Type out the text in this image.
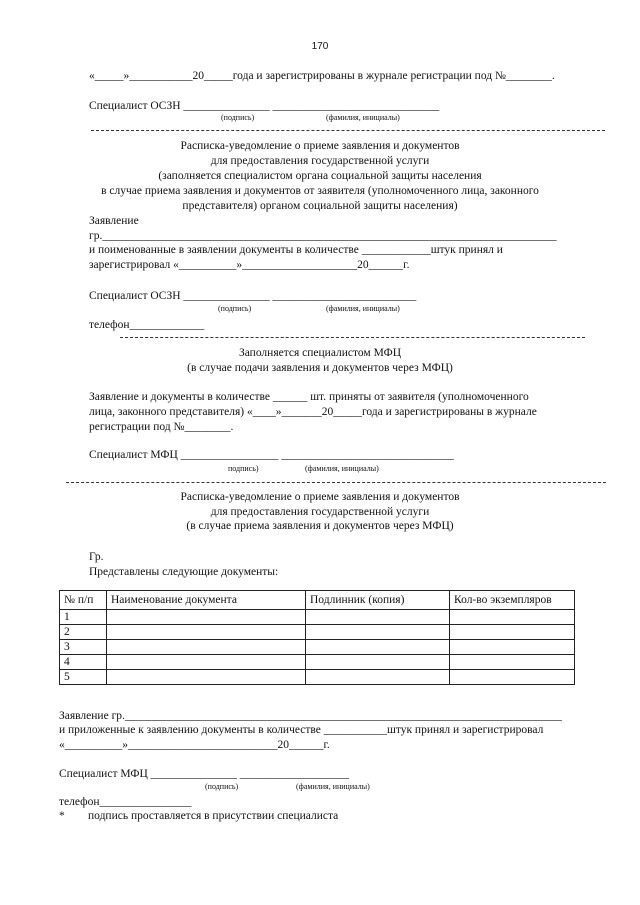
170
«_____»___________20_____года и зарегистрированы в журнале регистрации под №________.
Специалист ОСЗН _______________ _____________________________
(подпись)	(фамилия, инициалы)
Расписка-уведомление о приеме заявления и документов
для предоставления государственной услуги
(заполняется специалистом органа социальной защиты населения
в случае приема заявления и документов от заявителя (уполномоченного лица, законного
представителя) органом социальной защиты населения)
Заявление
гр._______________________________________________________________________________
и поименованные в заявлении документы в количестве ____________штук принял и
зарегистрировал «__________»____________________20______г.
Специалист ОСЗН _______________ _________________________
(подпись)	(фамилия, инициалы)
телефон_____________
Заполняется специалистом МФЦ
(в случае подачи заявления и документов через МФЦ)
Заявление и документы в количестве ______ шт. приняты от заявителя (уполномоченного
лица, законного представителя) «____»_______20_____года и зарегистрированы в журнале
регистрации под №________.
Специалист МФЦ _________________ ______________________________
подпись)	(фамилия, инициалы)
Расписка-уведомление о приеме заявления и документов
для предоставления государственной услуги
(в случае приема заявления и документов через МФЦ)
Гр.
Представлены следующие документы:
№ п/п	Наименование документа	Подлинник (копия)	Кол-во экземпляров
1			
2			
3			
4			
5			
Заявление гр.____________________________________________________________________________
и приложенные к заявлению документы в количестве ___________штук принял и зарегистрировал
«__________»__________________________20______г.
Специалист МФЦ _______________ ___________________
(подпись)	(фамилия, инициалы)
телефон________________
* подпись проставляется в присутствии специалиста
